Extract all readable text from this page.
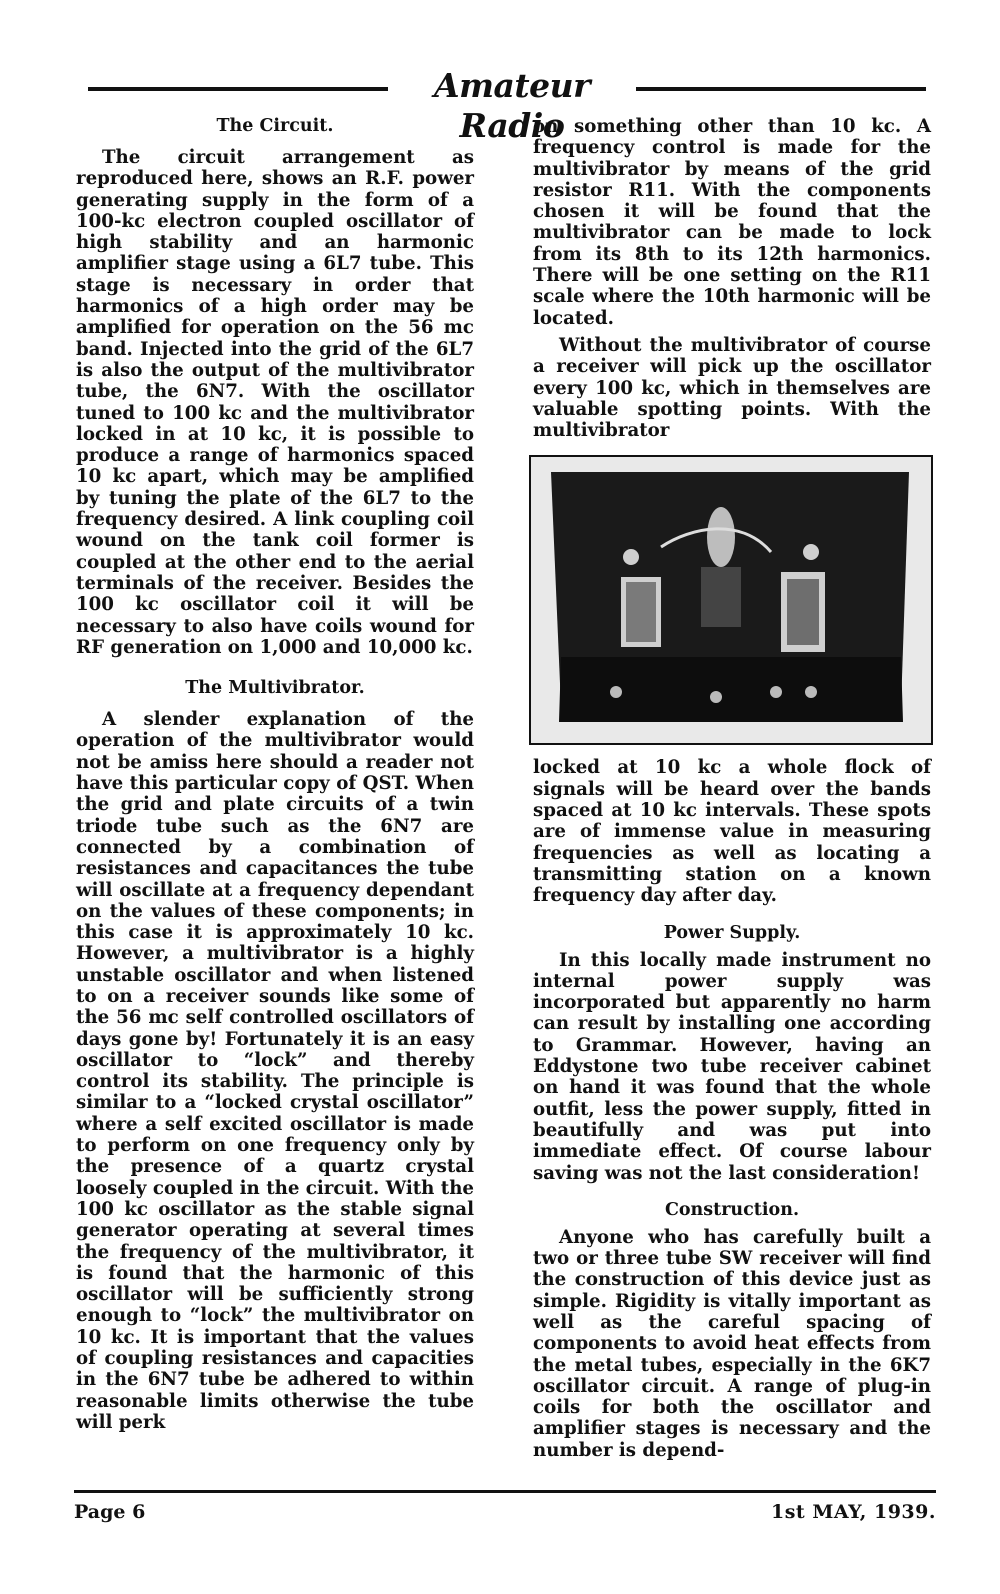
Amateur Radio
The Circuit.

The circuit arrangement as reproduced here, shows an R.F. power generating supply in the form of a 100-kc electron coupled oscillator of high stability and an harmonic amplifier stage using a 6L7 tube. This stage is necessary in order that harmonics of a high order may be amplified for operation on the 56 mc band. Injected into the grid of the 6L7 is also the output of the multivibrator tube, the 6N7. With the oscillator tuned to 100 kc and the multivibrator locked in at 10 kc, it is possible to produce a range of harmonics spaced 10 kc apart, which may be amplified by tuning the plate of the 6L7 to the frequency desired. A link coupling coil wound on the tank coil former is coupled at the other end to the aerial terminals of the receiver. Besides the 100 kc oscillator coil it will be necessary to also have coils wound for RF generation on 1,000 and 10,000 kc.

The Multivibrator.

A slender explanation of the operation of the multivibrator would not be amiss here should a reader not have this particular copy of QST. When the grid and plate circuits of a twin triode tube such as the 6N7 are connected by a combination of resistances and capacitances the tube will oscillate at a frequency dependant on the values of these components; in this case it is approximately 10 kc. However, a multivibrator is a highly unstable oscillator and when listened to on a receiver sounds like some of the 56 mc self controlled oscillators of days gone by! Fortunately it is an easy oscillator to “lock” and thereby control its stability. The principle is similar to a “locked crystal oscillator” where a self excited oscillator is made to perform on one frequency only by the presence of a quartz crystal loosely coupled in the circuit. With the 100 kc oscillator as the stable signal generator operating at several times the frequency of the multivibrator, it is found that the harmonic of this oscillator will be sufficiently strong enough to “lock” the multivibrator on 10 kc. It is important that the values of coupling resistances and capacities in the 6N7 tube be adhered to within reasonable limits otherwise the tube will perk

on something other than 10 kc. A frequency control is made for the multivibrator by means of the grid resistor R11. With the components chosen it will be found that the multivibrator can be made to lock from its 8th to its 12th harmonics. There will be one setting on the R11 scale where the 10th harmonic will be located.

Without the multivibrator of course a receiver will pick up the oscillator every 100 kc, which in themselves are valuable spotting points. With the multivibrator

locked at 10 kc a whole flock of signals will be heard over the bands spaced at 10 kc intervals. These spots are of immense value in measuring frequencies as well as locating a transmitting station on a known frequency day after day.

Power Supply.

In this locally made instrument no internal power supply was incorporated but apparently no harm can result by installing one according to Grammar. However, having an Eddystone two tube receiver cabinet on hand it was found that the whole outfit, less the power supply, fitted in beautifully and was put into immediate effect. Of course labour saving was not the last consideration!

Construction.

Anyone who has carefully built a two or three tube SW receiver will find the construction of this device just as simple. Rigidity is vitally important as well as the careful spacing of components to avoid heat effects from the metal tubes, especially in the 6K7 oscillator circuit. A range of plug-in coils for both the oscillator and amplifier stages is necessary and the number is depend-

Page 6	1st MAY, 1939.
